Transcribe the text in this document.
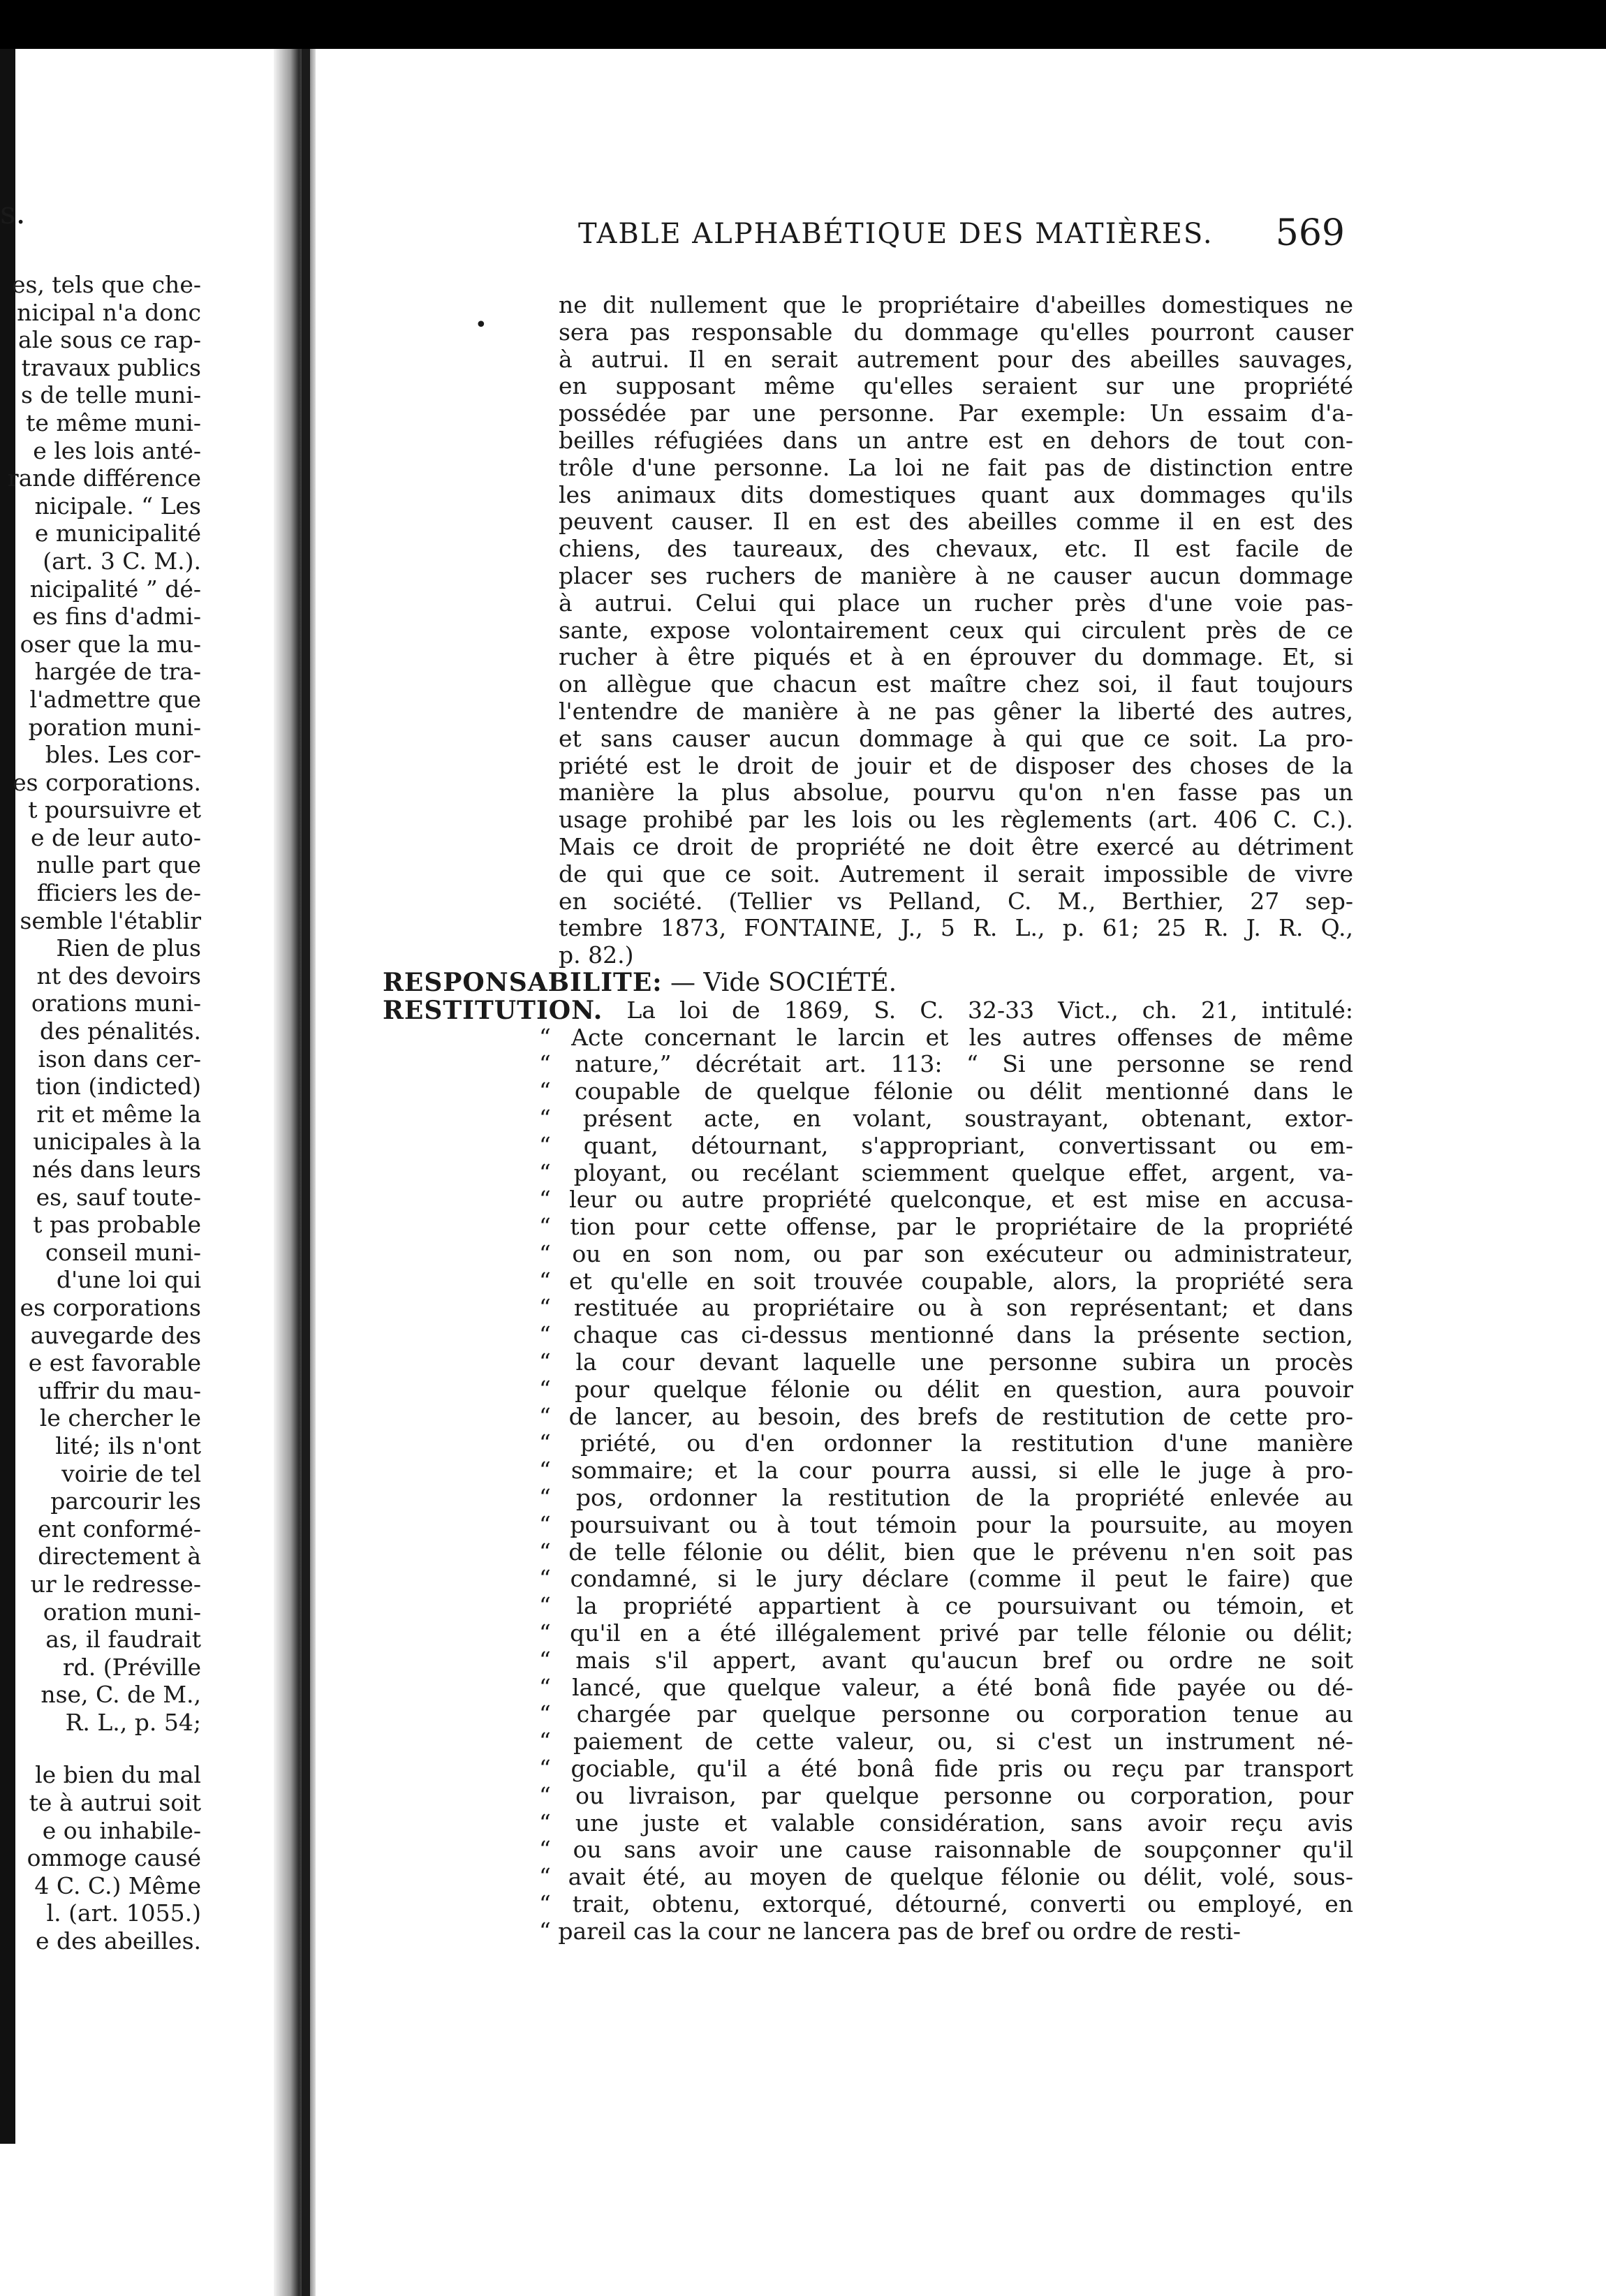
s.
es, tels que che-
nicipal n'a donc
ale sous ce rap-
travaux publics
s de telle muni-
te même muni-
e les lois anté-
rande différence
nicipale. “ Les
e municipalité
(art. 3 C. M.).
nicipalité ” dé-
es fins d'admi-
oser que la mu-
hargée de tra-
l'admettre que
poration muni-
bles. Les cor-
es corporations.
t poursuivre et
e de leur auto-
nulle part que
fficiers les de-
semble l'établir
Rien de plus
nt des devoirs
orations muni-
des pénalités.
ison dans cer-
tion (indicted)
rit et même la
unicipales à la
nés dans leurs
es, sauf toute-
t pas probable
conseil muni-
d'une loi qui
es corporations
auvegarde des
e est favorable
uffrir du mau-
le chercher le
lité; ils n'ont
voirie de tel
parcourir les
ent conformé-
directement à
ur le redresse-
oration muni-
as, il faudrait
rd. (Préville
nse, C. de M.,
R. L., p. 54;
le bien du mal
te à autrui soit
e ou inhabile-
ommoge causé
4 C. C.) Même
l. (art. 1055.)
e des abeilles.
TABLE ALPHABÉTIQUE DES MATIÈRES. 569
•
ne dit nullement que le propriétaire d'abeilles domestiques ne
sera pas responsable du dommage qu'elles pourront causer
à autrui. Il en serait autrement pour des abeilles sauvages,
en supposant même qu'elles seraient sur une propriété
possédée par une personne. Par exemple: Un essaim d'a-
beilles réfugiées dans un antre est en dehors de tout con-
trôle d'une personne. La loi ne fait pas de distinction entre
les animaux dits domestiques quant aux dommages qu'ils
peuvent causer. Il en est des abeilles comme il en est des
chiens, des taureaux, des chevaux, etc. Il est facile de
placer ses ruchers de manière à ne causer aucun dommage
à autrui. Celui qui place un rucher près d'une voie pas-
sante, expose volontairement ceux qui circulent près de ce
rucher à être piqués et à en éprouver du dommage. Et, si
on allègue que chacun est maître chez soi, il faut toujours
l'entendre de manière à ne pas gêner la liberté des autres,
et sans causer aucun dommage à qui que ce soit. La pro-
priété est le droit de jouir et de disposer des choses de la
manière la plus absolue, pourvu qu'on n'en fasse pas un
usage prohibé par les lois ou les règlements (art. 406 C. C.).
Mais ce droit de propriété ne doit être exercé au détriment
de qui que ce soit. Autrement il serait impossible de vivre
en société. (Tellier vs Pelland, C. M., Berthier, 27 sep-
tembre 1873, FONTAINE, J., 5 R. L., p. 61; 25 R. J. R. Q.,
p. 82.)
RESPONSABILITE: — Vide SOCIÉTÉ.
RESTITUTION. La loi de 1869, S. C. 32-33 Vict., ch. 21, intitulé:
“ Acte concernant le larcin et les autres offenses de même
“ nature,” décrétait art. 113: “ Si une personne se rend
“ coupable de quelque félonie ou délit mentionné dans le
“ présent acte, en volant, soustrayant, obtenant, extor-
“ quant, détournant, s'appropriant, convertissant ou em-
“ ployant, ou recélant sciemment quelque effet, argent, va-
“ leur ou autre propriété quelconque, et est mise en accusa-
“ tion pour cette offense, par le propriétaire de la propriété
“ ou en son nom, ou par son exécuteur ou administrateur,
“ et qu'elle en soit trouvée coupable, alors, la propriété sera
“ restituée au propriétaire ou à son représentant; et dans
“ chaque cas ci-dessus mentionné dans la présente section,
“ la cour devant laquelle une personne subira un procès
“ pour quelque félonie ou délit en question, aura pouvoir
“ de lancer, au besoin, des brefs de restitution de cette pro-
“ priété, ou d'en ordonner la restitution d'une manière
“ sommaire; et la cour pourra aussi, si elle le juge à pro-
“ pos, ordonner la restitution de la propriété enlevée au
“ poursuivant ou à tout témoin pour la poursuite, au moyen
“ de telle félonie ou délit, bien que le prévenu n'en soit pas
“ condamné, si le jury déclare (comme il peut le faire) que
“ la propriété appartient à ce poursuivant ou témoin, et
“ qu'il en a été illégalement privé par telle félonie ou délit;
“ mais s'il appert, avant qu'aucun bref ou ordre ne soit
“ lancé, que quelque valeur, a été bonâ fide payée ou dé-
“ chargée par quelque personne ou corporation tenue au
“ paiement de cette valeur, ou, si c'est un instrument né-
“ gociable, qu'il a été bonâ fide pris ou reçu par transport
“ ou livraison, par quelque personne ou corporation, pour
“ une juste et valable considération, sans avoir reçu avis
“ ou sans avoir une cause raisonnable de soupçonner qu'il
“ avait été, au moyen de quelque félonie ou délit, volé, sous-
“ trait, obtenu, extorqué, détourné, converti ou employé, en
“ pareil cas la cour ne lancera pas de bref ou ordre de resti-
